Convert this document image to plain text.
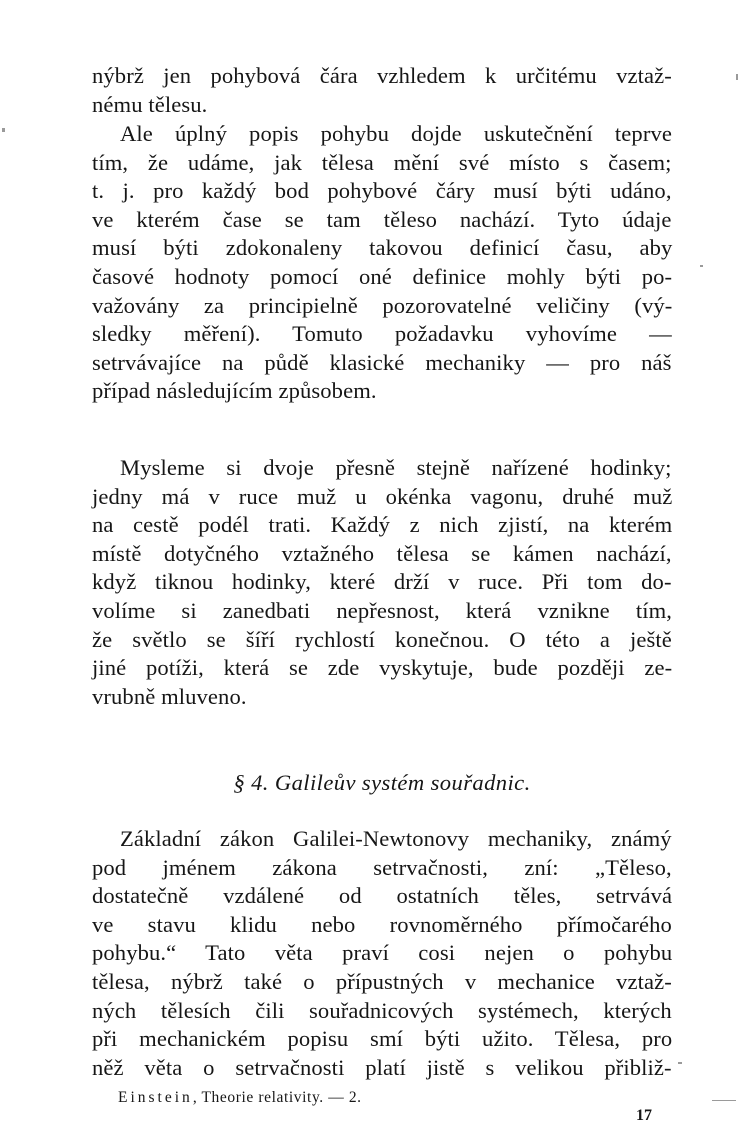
nýbrž jen pohybová čára vzhledem k určitému vztaž-
nému tělesu.
Ale úplný popis pohybu dojde uskutečnění teprve
tím, že udáme, jak tělesa mění své místo s časem;
t. j. pro každý bod pohybové čáry musí býti udáno,
ve kterém čase se tam těleso nachází. Tyto údaje
musí býti zdokonaleny takovou definicí času, aby
časové hodnoty pomocí oné definice mohly býti po-
važovány za principielně pozorovatelné veličiny (vý-
sledky měření). Tomuto požadavku vyhovíme —
setrvávajíce na půdě klasické mechaniky — pro náš
případ následujícím způsobem.
Mysleme si dvoje přesně stejně nařízené hodinky;
jedny má v ruce muž u okénka vagonu, druhé muž
na cestě podél trati. Každý z nich zjistí, na kterém
místě dotyčného vztažného tělesa se kámen nachází,
když tiknou hodinky, které drží v ruce. Při tom do-
volíme si zanedbati nepřesnost, která vznikne tím,
že světlo se šíří rychlostí konečnou. O této a ještě
jiné potíži, která se zde vyskytuje, bude později ze-
vrubně mluveno.
§ 4. Galileův systém souřadnic.
Základní zákon Galilei-Newtonovy mechaniky, známý
pod jménem zákona setrvačnosti, zní: „Těleso,
dostatečně vzdálené od ostatních těles, setrvává
ve stavu klidu nebo rovnoměrného přímočarého
pohybu.“ Tato věta praví cosi nejen o pohybu
tělesa, nýbrž také o přípustných v mechanice vztaž-
ných tělesích čili souřadnicových systémech, kterých
při mechanickém popisu smí býti užito. Tělesa, pro
něž věta o setrvačnosti platí jistě s velikou přibliž-
Einstein, Theorie relativity. — 2.
17
